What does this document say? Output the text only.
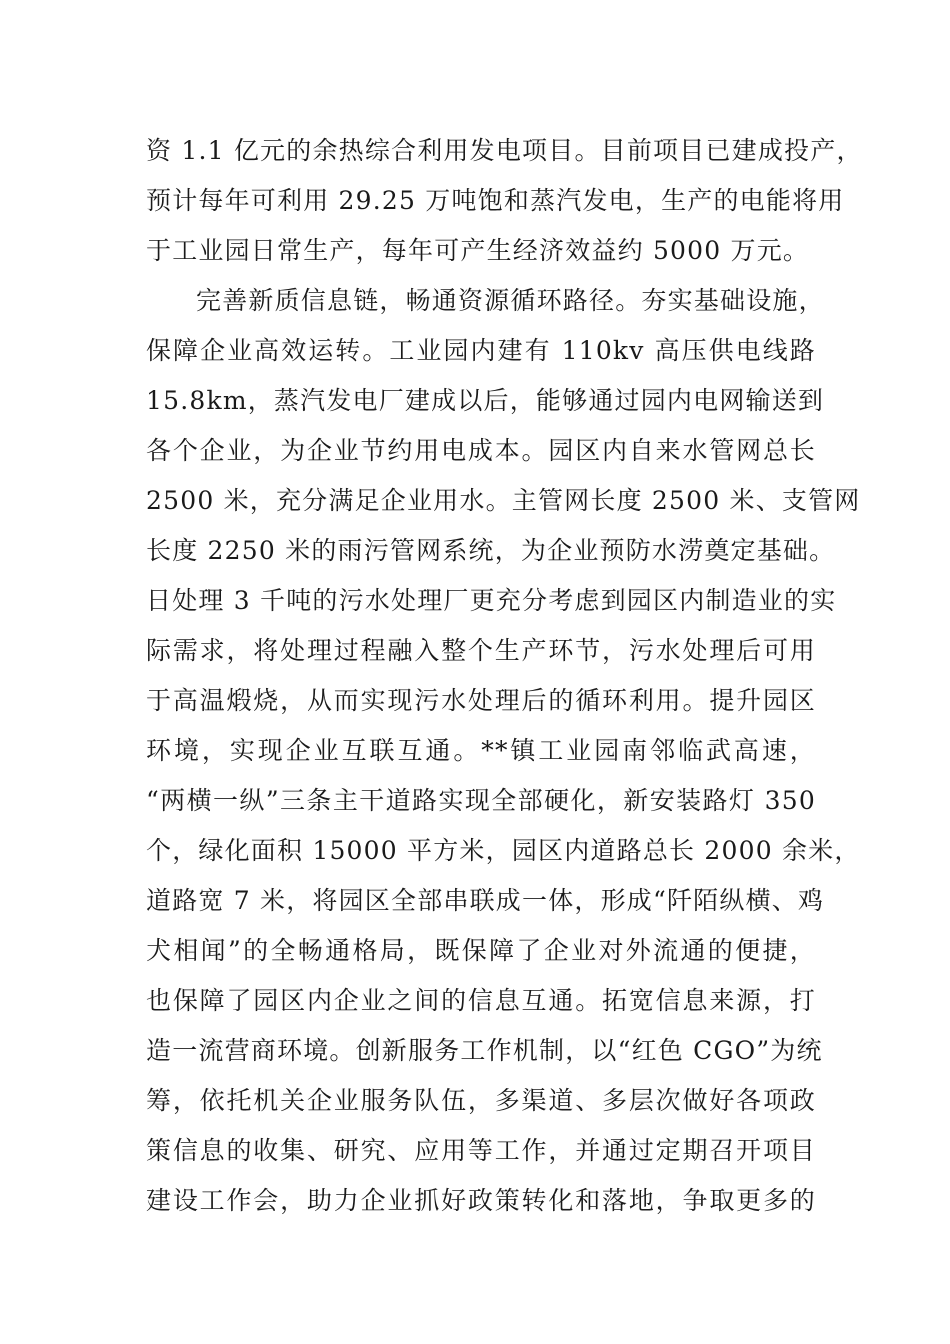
资 1.1 亿元的余热综合利用发电项目。目前项目已建成投产，
预计每年可利用 29.25 万吨饱和蒸汽发电，生产的电能将用
于工业园日常生产，每年可产生经济效益约 5000 万元。
完善新质信息链，畅通资源循环路径。夯实基础设施，
保障企业高效运转。工业园内建有 110kv 高压供电线路
15.8km，蒸汽发电厂建成以后，能够通过园内电网输送到
各个企业，为企业节约用电成本。园区内自来水管网总长
2500 米，充分满足企业用水。主管网长度 2500 米、支管网
长度 2250 米的雨污管网系统，为企业预防水涝奠定基础。
日处理 3 千吨的污水处理厂更充分考虑到园区内制造业的实
际需求，将处理过程融入整个生产环节，污水处理后可用
于高温煅烧，从而实现污水处理后的循环利用。提升园区
环境，实现企业互联互通。**镇工业园南邻临武高速，
“两横一纵”三条主干道路实现全部硬化，新安装路灯 350
个，绿化面积 15000 平方米，园区内道路总长 2000 余米，
道路宽 7 米，将园区全部串联成一体，形成“阡陌纵横、鸡
犬相闻”的全畅通格局，既保障了企业对外流通的便捷，
也保障了园区内企业之间的信息互通。拓宽信息来源，打
造一流营商环境。创新服务工作机制，以“红色 CGO”为统
筹，依托机关企业服务队伍，多渠道、多层次做好各项政
策信息的收集、研究、应用等工作，并通过定期召开项目
建设工作会，助力企业抓好政策转化和落地，争取更多的
